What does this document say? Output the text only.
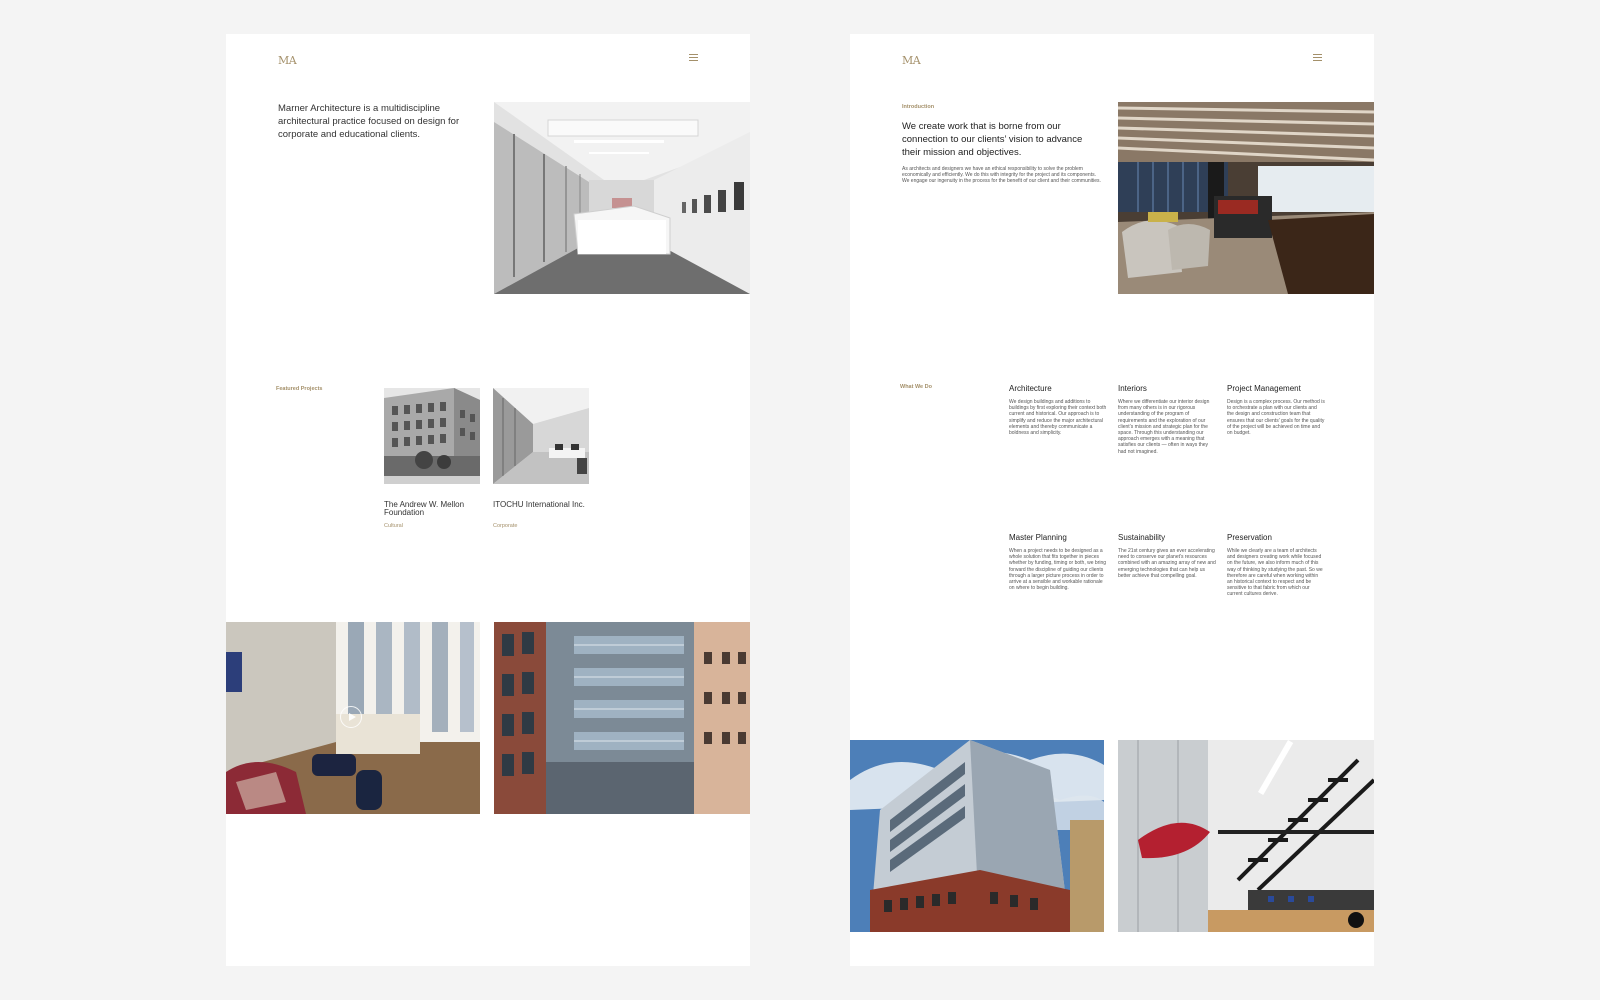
MA

Marner Architecture is a multidiscipline architectural practice focused on design for corporate and educational clients.

Featured Projects
The Andrew W. Mellon Foundation
Cultural
ITOCHU International Inc.
Corporate
MA
Introduction

We create work that is borne from our connection to our clients’ vision to advance their mission and objectives.

As architects and designers we have an ethical responsibility to solve the problem economically and efficiently. We do this with integrity for the project and its components. We engage our ingenuity in the process for the benefit of our client and their communities.

What We Do	Architecture

We design buildings and additions to buildings by first exploring their context both current and historical. Our approach is to simplify and reduce the major architectural elements and thereby communicate a boldness and simplicity.

Interiors

Where we differentiate our interior design from many others is in our rigorous understanding of the program of requirements and the exploration of our client’s mission and strategic plan for the space. Through this understanding our approach emerges with a meaning that satisfies our clients — often in ways they had not imagined.

Project Management

Design is a complex process. Our method is to orchestrate a plan with our clients and the design and construction team that ensures that our clients’ goals for the quality of the project will be achieved on time and on budget.

Master Planning

When a project needs to be designed as a whole solution that fits together in pieces whether by funding, timing or both, we bring forward the discipline of guiding our clients through a larger picture process in order to arrive at a sensible and workable rationale on where to begin building.

Sustainability

The 21st century gives an ever accelerating need to conserve our planet’s resources combined with an amazing array of new and emerging technologies that can help us better achieve that compelling goal.

Preservation

While we clearly are a team of architects and designers creating work while focused on the future, we also inform much of this way of thinking by studying the past. So we therefore are careful when working within an historical context to respect and be sensitive to that fabric from which our current cultures derive.
